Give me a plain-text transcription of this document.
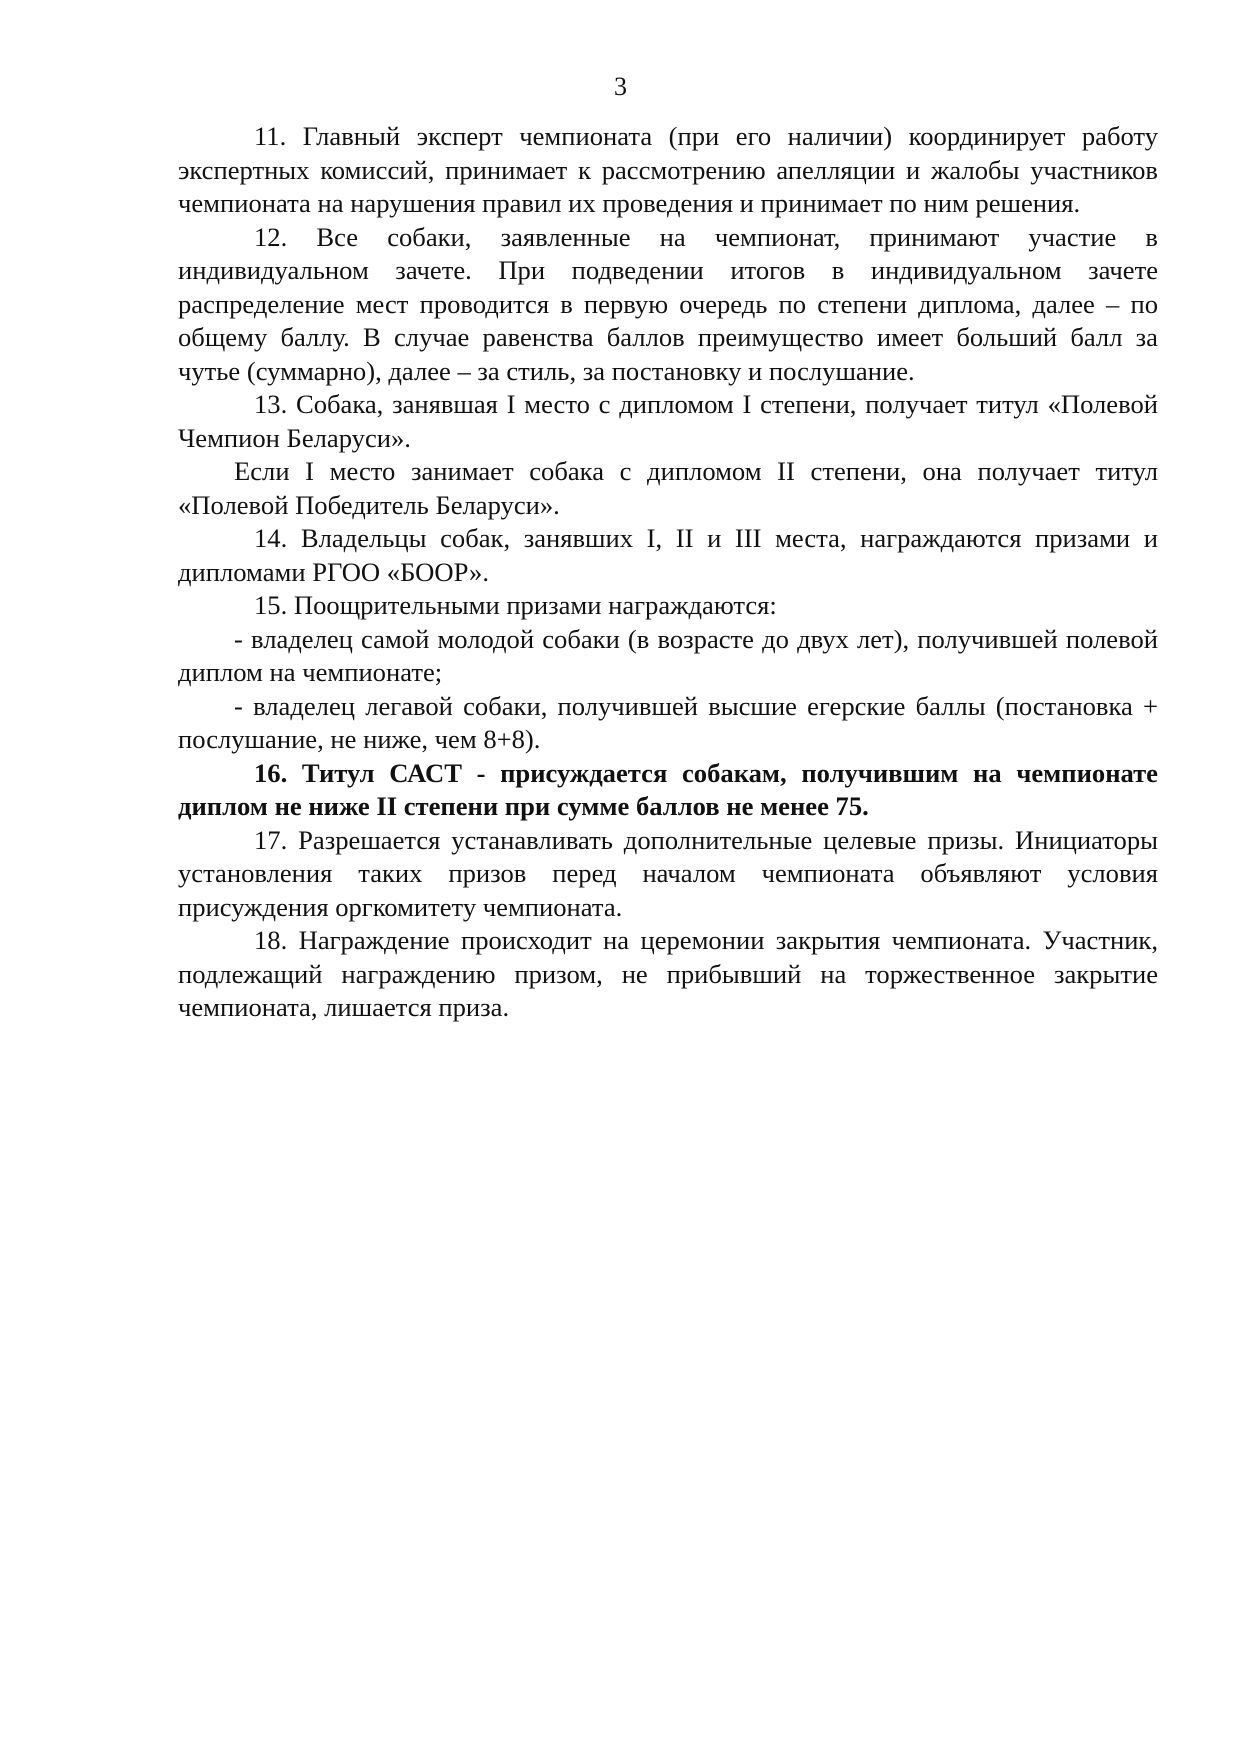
3

11. Главный эксперт чемпионата (при его наличии) координирует работу экспертных комиссий, принимает к рассмотрению апелляции и жалобы участников чемпионата на нарушения правил их проведения и принимает по ним решения.

12. Все собаки, заявленные на чемпионат, принимают участие в индивидуальном зачете. При подведении итогов в индивидуальном зачете распределение мест проводится в первую очередь по степени диплома, далее – по общему баллу. В случае равенства баллов преимущество имеет больший балл за чутье (суммарно), далее – за стиль, за постановку и послушание.

13. Собака, занявшая I место с дипломом I степени, получает титул «Полевой Чемпион Беларуси».

Если I место занимает собака с дипломом II степени, она получает титул «Полевой Победитель Беларуси».

14. Владельцы собак, занявших I, II и III места, награждаются призами и дипломами РГОО «БООР».

15. Поощрительными призами награждаются:

- владелец самой молодой собаки (в возрасте до двух лет), получившей полевой диплом на чемпионате;

- владелец легавой собаки, получившей высшие егерские баллы (постановка + послушание, не ниже, чем 8+8).

16. Титул САСТ - присуждается собакам, получившим на чемпионате диплом не ниже II степени при сумме баллов не менее 75.

17. Разрешается устанавливать дополнительные целевые призы. Инициаторы установления таких призов перед началом чемпионата объявляют условия присуждения оргкомитету чемпионата.

18. Награждение происходит на церемонии закрытия чемпионата. Участник, подлежащий награждению призом, не прибывший на торжественное закрытие чемпионата, лишается приза.
